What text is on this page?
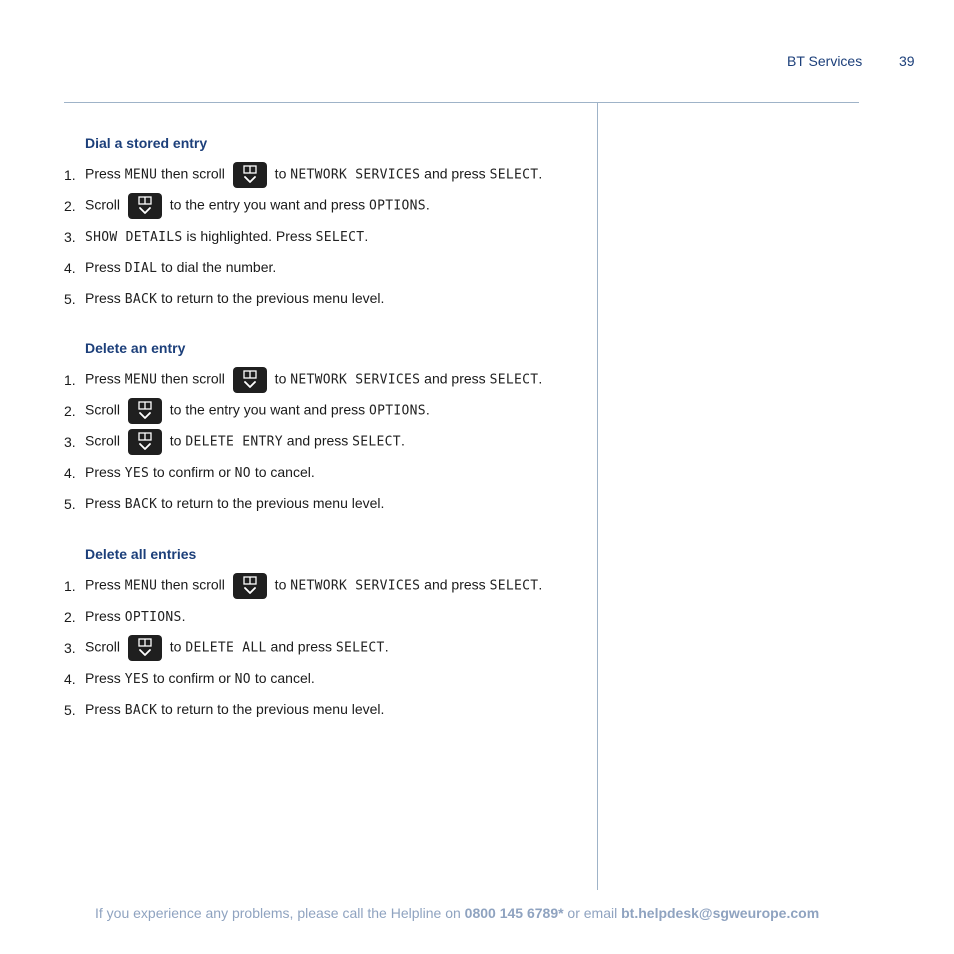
BT Services	39
Dial a stored entry
1. Press MENU then scroll	to NETWORK SERVICES and press SELECT.
2. Scroll	to the entry you want and press OPTIONS.
3. SHOW DETAILS is highlighted. Press SELECT.
4. Press DIAL to dial the number.
5. Press BACK to return to the previous menu level.
Delete an entry
1. Press MENU then scroll	to NETWORK SERVICES and press SELECT.
2. Scroll	to the entry you want and press OPTIONS.
3. Scroll	to DELETE ENTRY and press SELECT.
4. Press YES to confirm or NO to cancel.
5. Press BACK to return to the previous menu level.
Delete all entries
1. Press MENU then scroll	to NETWORK SERVICES and press SELECT.
2. Press OPTIONS.
3. Scroll	to DELETE ALL and press SELECT.
4. Press YES to confirm or NO to cancel.
5. Press BACK to return to the previous menu level.
If you experience any problems, please call the Helpline on 0800 145 6789* or email bt.helpdesk@sgweurope.com
